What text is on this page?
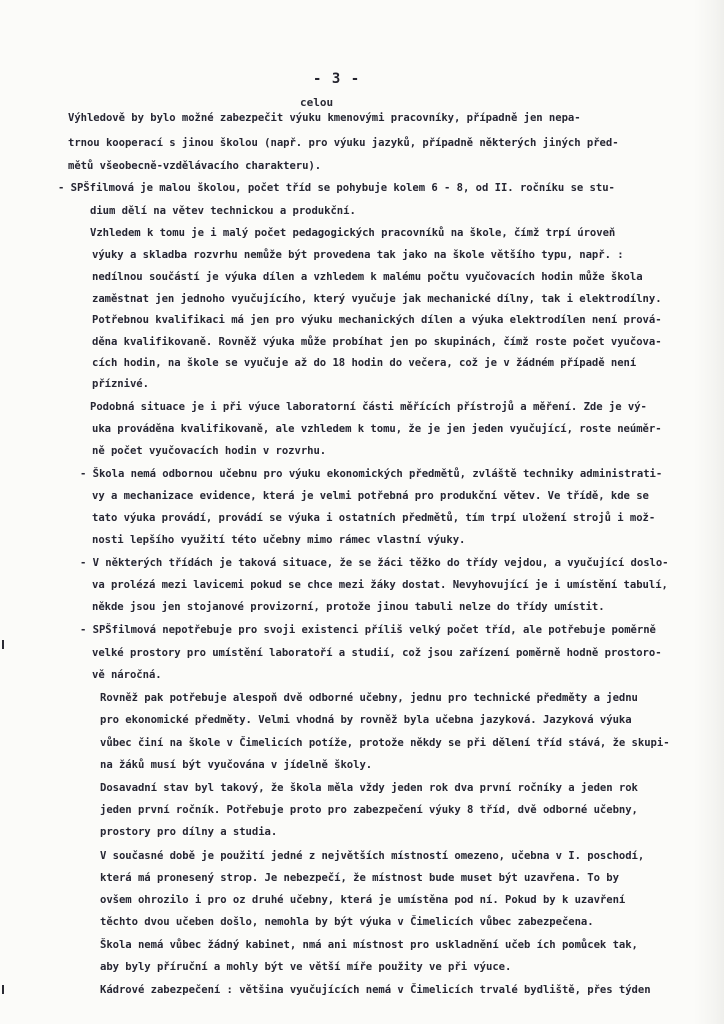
- 3 -
celou
Výhledově by bylo možné zabezpečit výuku kmenovými pracovníky, případně jen nepa-
trnou kooperací s jinou školou (např. pro výuku jazyků, případně některých jiných před-
mětů všeobecně-vzdělávacího charakteru).
- SPŠfilmová je malou školou, počet tříd se pohybuje kolem 6 - 8, od II. ročníku se stu-
dium dělí na větev technickou a produkční.
Vzhledem k tomu je i malý počet pedagogických pracovníků na škole, čímž trpí úroveň
výuky a skladba rozvrhu nemůže být provedena tak jako na škole většího typu, např. :
nedílnou součástí je výuka dílen a vzhledem k malému počtu vyučovacích hodin může škola
zaměstnat jen jednoho vyučujícího, který vyučuje jak mechanické dílny, tak i elektrodílny.
Potřebnou kvalifikaci má jen pro výuku mechanických dílen a výuka elektrodílen není prová-
děna kvalifikovaně. Rovněž výuka může probíhat jen po skupinách, čímž roste počet vyučova-
cích hodin, na škole se vyučuje až do 18 hodin do večera, což je v žádném případě není
příznivé.
Podobná situace je i při výuce laboratorní části měřících přístrojů a měření. Zde je vý-
uka prováděna kvalifikovaně, ale vzhledem k tomu, že je jen jeden vyučující, roste neúměr-
ně počet vyučovacích hodin v rozvrhu.
- Škola nemá odbornou učebnu pro výuku ekonomických předmětů, zvláště techniky administrati-
vy a mechanizace evidence, která je velmi potřebná pro produkční větev. Ve třídě, kde se
tato výuka provádí, provádí se výuka i ostatních předmětů, tím trpí uložení strojů i mož-
nosti lepšího využití této učebny mimo rámec vlastní výuky.
- V některých třídách je taková situace, že se žáci těžko do třídy vejdou, a vyučující doslo-
va prolézá mezi lavicemi pokud se chce mezi žáky dostat. Nevyhovující je i umístění tabulí,
někde jsou jen stojanové provizorní, protože jinou tabuli nelze do třídy umístit.
- SPŠfilmová nepotřebuje pro svoji existenci příliš velký počet tříd, ale potřebuje poměrně
velké prostory pro umístění laboratoří a studií, což jsou zařízení poměrně hodně prostoro-
vě náročná.
Rovněž pak potřebuje alespoň dvě odborné učebny, jednu pro technické předměty a jednu
pro ekonomické předměty. Velmi vhodná by rovněž byla učebna jazyková. Jazyková výuka
vůbec činí na škole v Čimelicích potíže, protože někdy se při dělení tříd stává, že skupi-
na žáků musí být vyučována v jídelně školy.
Dosavadní stav byl takový, že škola měla vždy jeden rok dva první ročníky a jeden rok
jeden první ročník. Potřebuje proto pro zabezpečení výuky 8 tříd, dvě odborné učebny,
prostory pro dílny a studia.
V současné době je použití jedné z největších místností omezeno, učebna v I. poschodí,
která má pronesený strop. Je nebezpečí, že místnost bude muset být uzavřena. To by
ovšem ohrozilo i pro oz druhé učebny, která je umístěna pod ní. Pokud by k uzavření
těchto dvou učeben došlo, nemohla by být výuka v Čimelicích vůbec zabezpečena.
Škola nemá vůbec žádný kabinet, nmá ani místnost pro uskladnění učeb ích pomůcek tak,
aby byly příruční a mohly být ve větší míře použity ve při výuce.
Kádrové zabezpečení : většina vyučujících nemá v Čimelicích trvalé bydliště, přes týden
